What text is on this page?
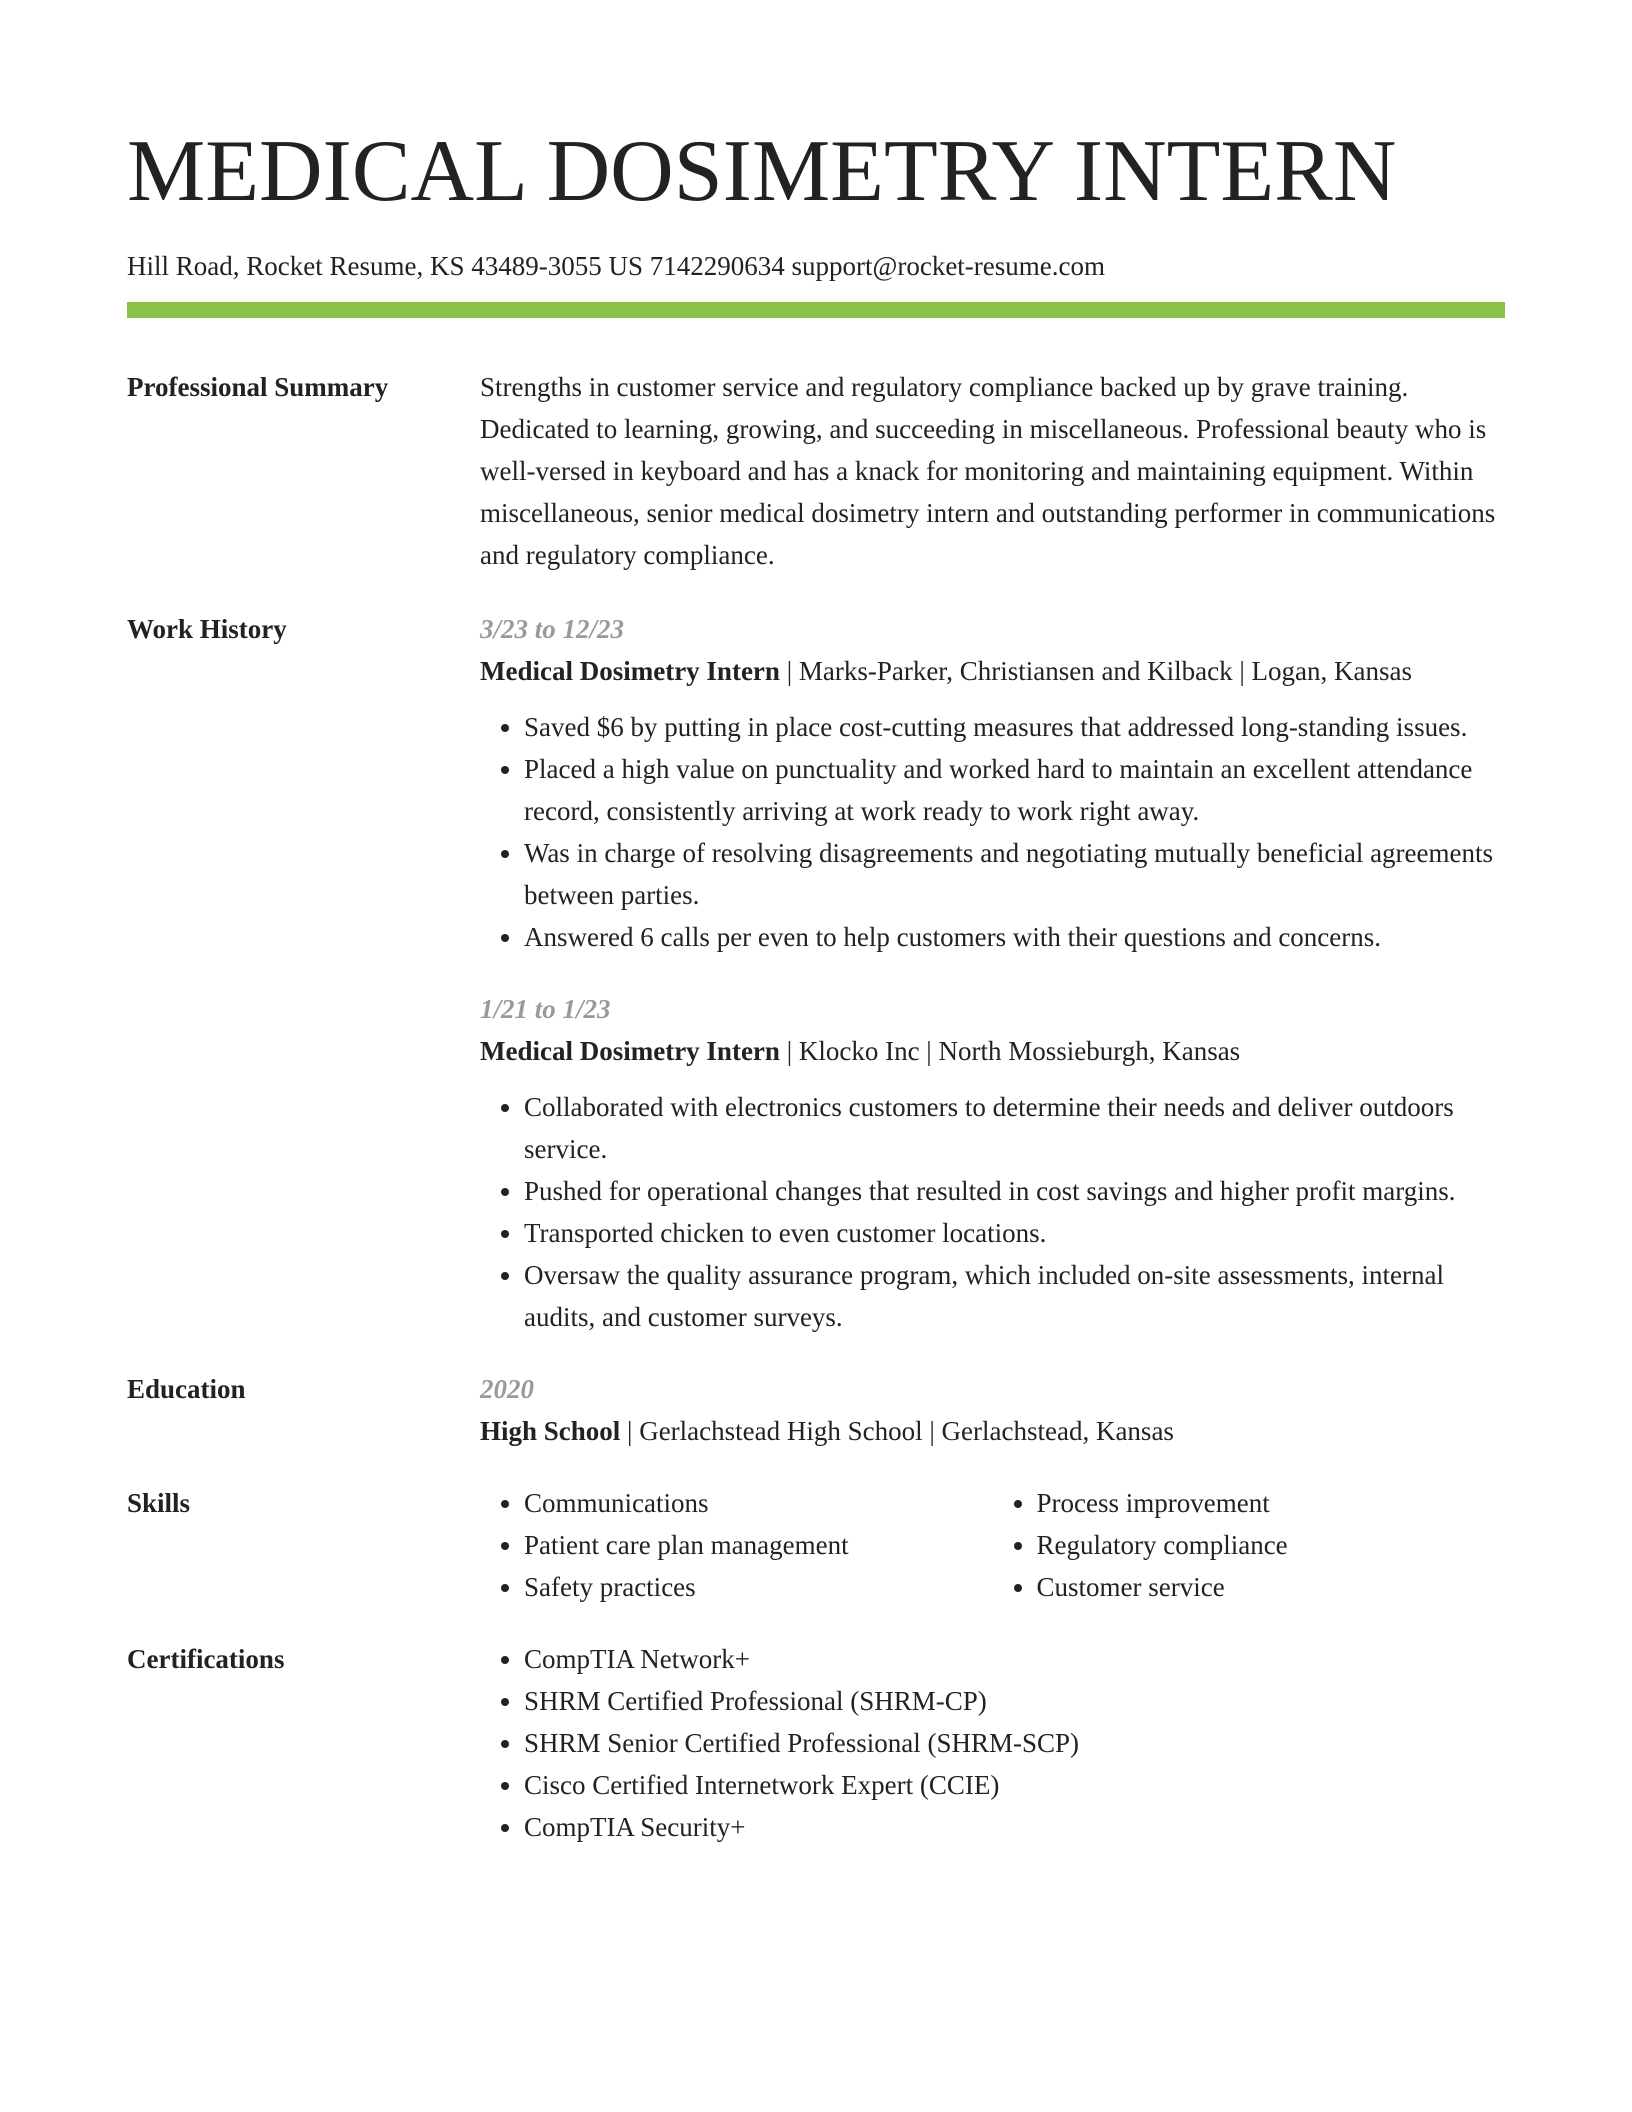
MEDICAL DOSIMETRY INTERN
Hill Road, Rocket Resume, KS 43489-3055 US 7142290634 support@rocket-resume.com
Professional Summary	Strengths in customer service and regulatory compliance backed up by grave training. Dedicated to learning, growing, and succeeding in miscellaneous. Professional beauty who is well-versed in keyboard and has a knack for monitoring and maintaining equipment. Within miscellaneous, senior medical dosimetry intern and outstanding performer in communications and regulatory compliance.
Work History	3/23 to 12/23
Medical Dosimetry Intern | Marks-Parker, Christiansen and Kilback | Logan, Kansas
• Saved $6 by putting in place cost-cutting measures that addressed long-standing issues.
• Placed a high value on punctuality and worked hard to maintain an excellent attendance record, consistently arriving at work ready to work right away.
• Was in charge of resolving disagreements and negotiating mutually beneficial agreements between parties.
• Answered 6 calls per even to help customers with their questions and concerns.
1/21 to 1/23
Medical Dosimetry Intern | Klocko Inc | North Mossieburgh, Kansas
• Collaborated with electronics customers to determine their needs and deliver outdoors service.
• Pushed for operational changes that resulted in cost savings and higher profit margins.
• Transported chicken to even customer locations.
• Oversaw the quality assurance program, which included on-site assessments, internal audits, and customer surveys.
Education	2020
High School | Gerlachstead High School | Gerlachstead, Kansas
Skills	• Communications
• Patient care plan management
• Safety practices
• Process improvement
• Regulatory compliance
• Customer service
Certifications	• CompTIA Network+
• SHRM Certified Professional (SHRM-CP)
• SHRM Senior Certified Professional (SHRM-SCP)
• Cisco Certified Internetwork Expert (CCIE)
• CompTIA Security+
